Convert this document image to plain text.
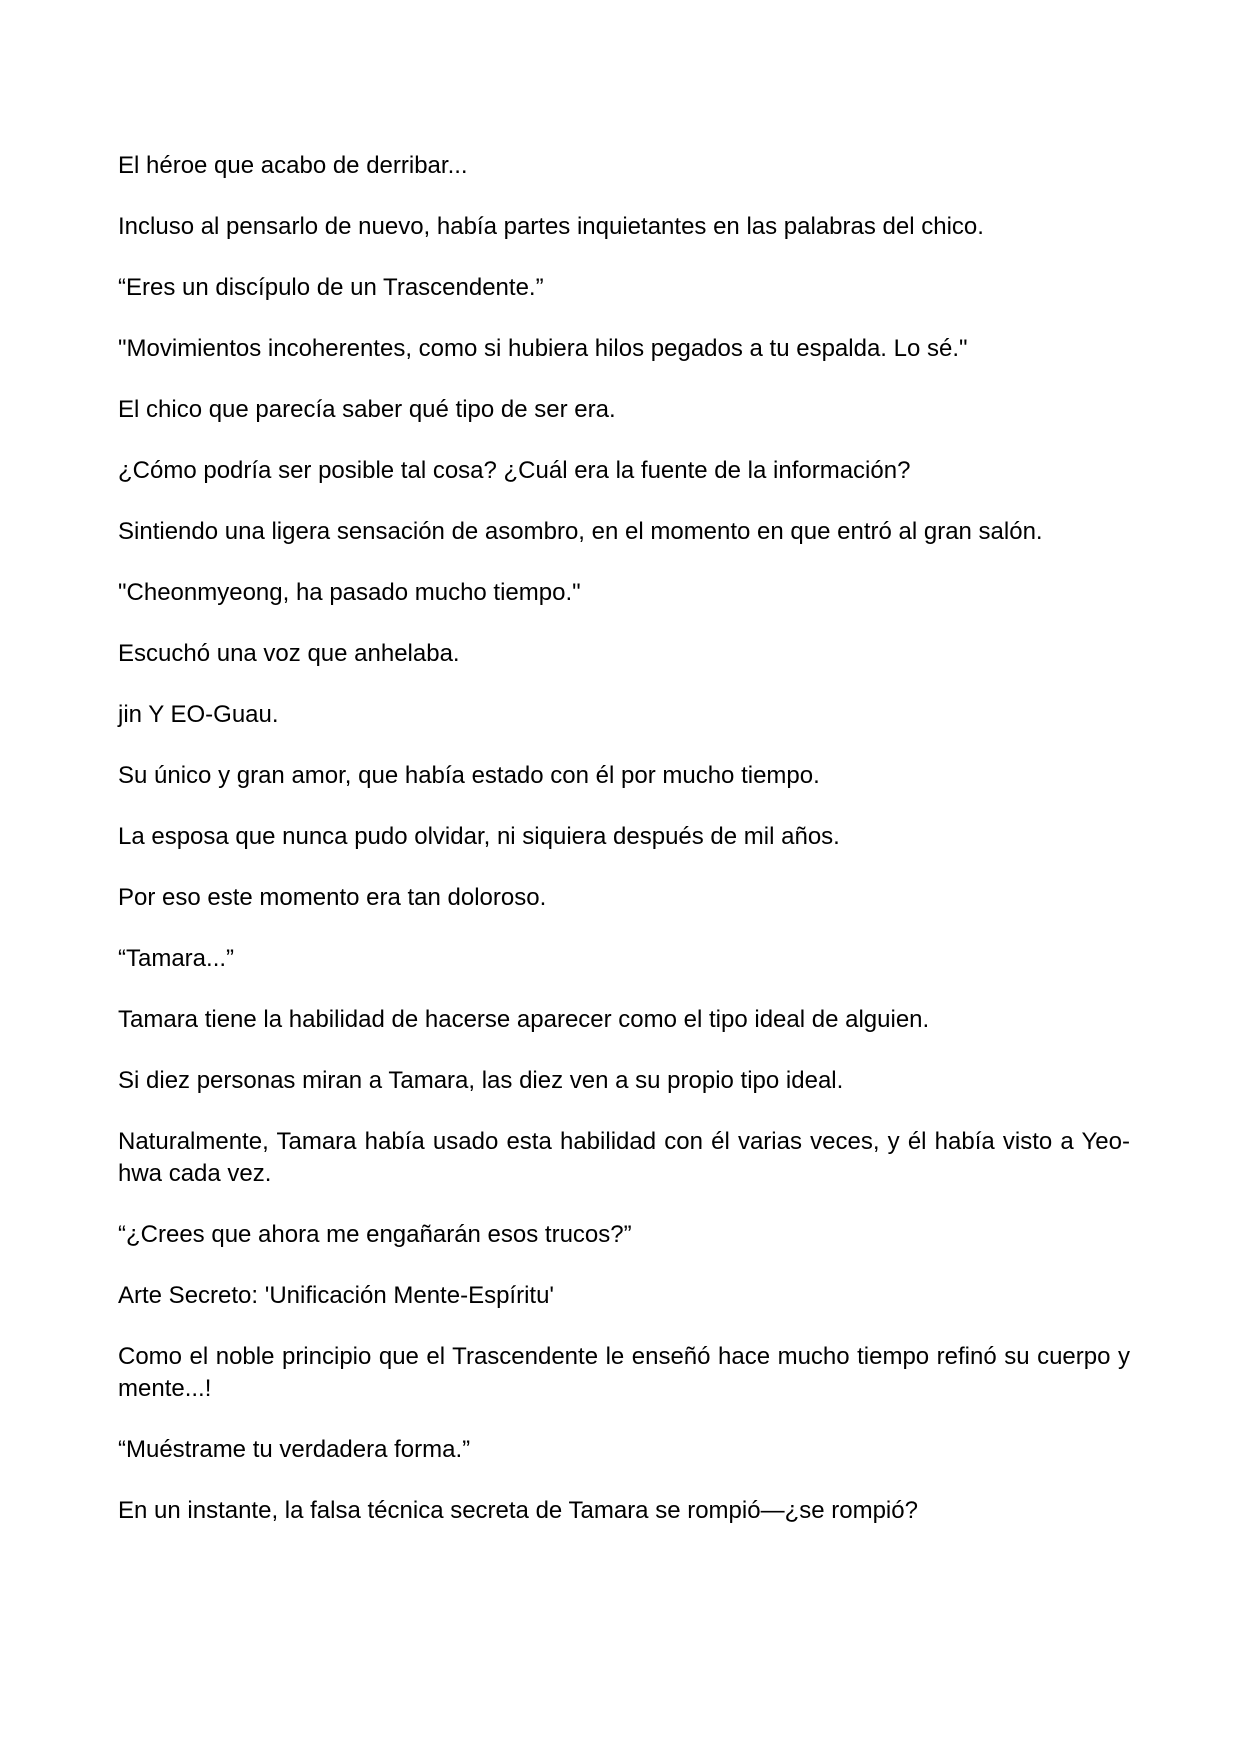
El héroe que acabo de derribar...

Incluso al pensarlo de nuevo, había partes inquietantes en las palabras del chico.

“Eres un discípulo de un Trascendente.”

"Movimientos incoherentes, como si hubiera hilos pegados a tu espalda. Lo sé."

El chico que parecía saber qué tipo de ser era.

¿Cómo podría ser posible tal cosa? ¿Cuál era la fuente de la información?

Sintiendo una ligera sensación de asombro, en el momento en que entró al gran salón.

"Cheonmyeong, ha pasado mucho tiempo."

Escuchó una voz que anhelaba.

jin Y EO-Guau.

Su único y gran amor, que había estado con él por mucho tiempo.

La esposa que nunca pudo olvidar, ni siquiera después de mil años.

Por eso este momento era tan doloroso.

“Tamara...”

Tamara tiene la habilidad de hacerse aparecer como el tipo ideal de alguien.

Si diez personas miran a Tamara, las diez ven a su propio tipo ideal.

Naturalmente, Tamara había usado esta habilidad con él varias veces, y él había visto a Yeo-hwa cada vez.

“¿Crees que ahora me engañarán esos trucos?”

Arte Secreto: 'Unificación Mente-Espíritu'

Como el noble principio que el Trascendente le enseñó hace mucho tiempo refinó su cuerpo y mente...!

“Muéstrame tu verdadera forma.”

En un instante, la falsa técnica secreta de Tamara se rompió—¿se rompió?
